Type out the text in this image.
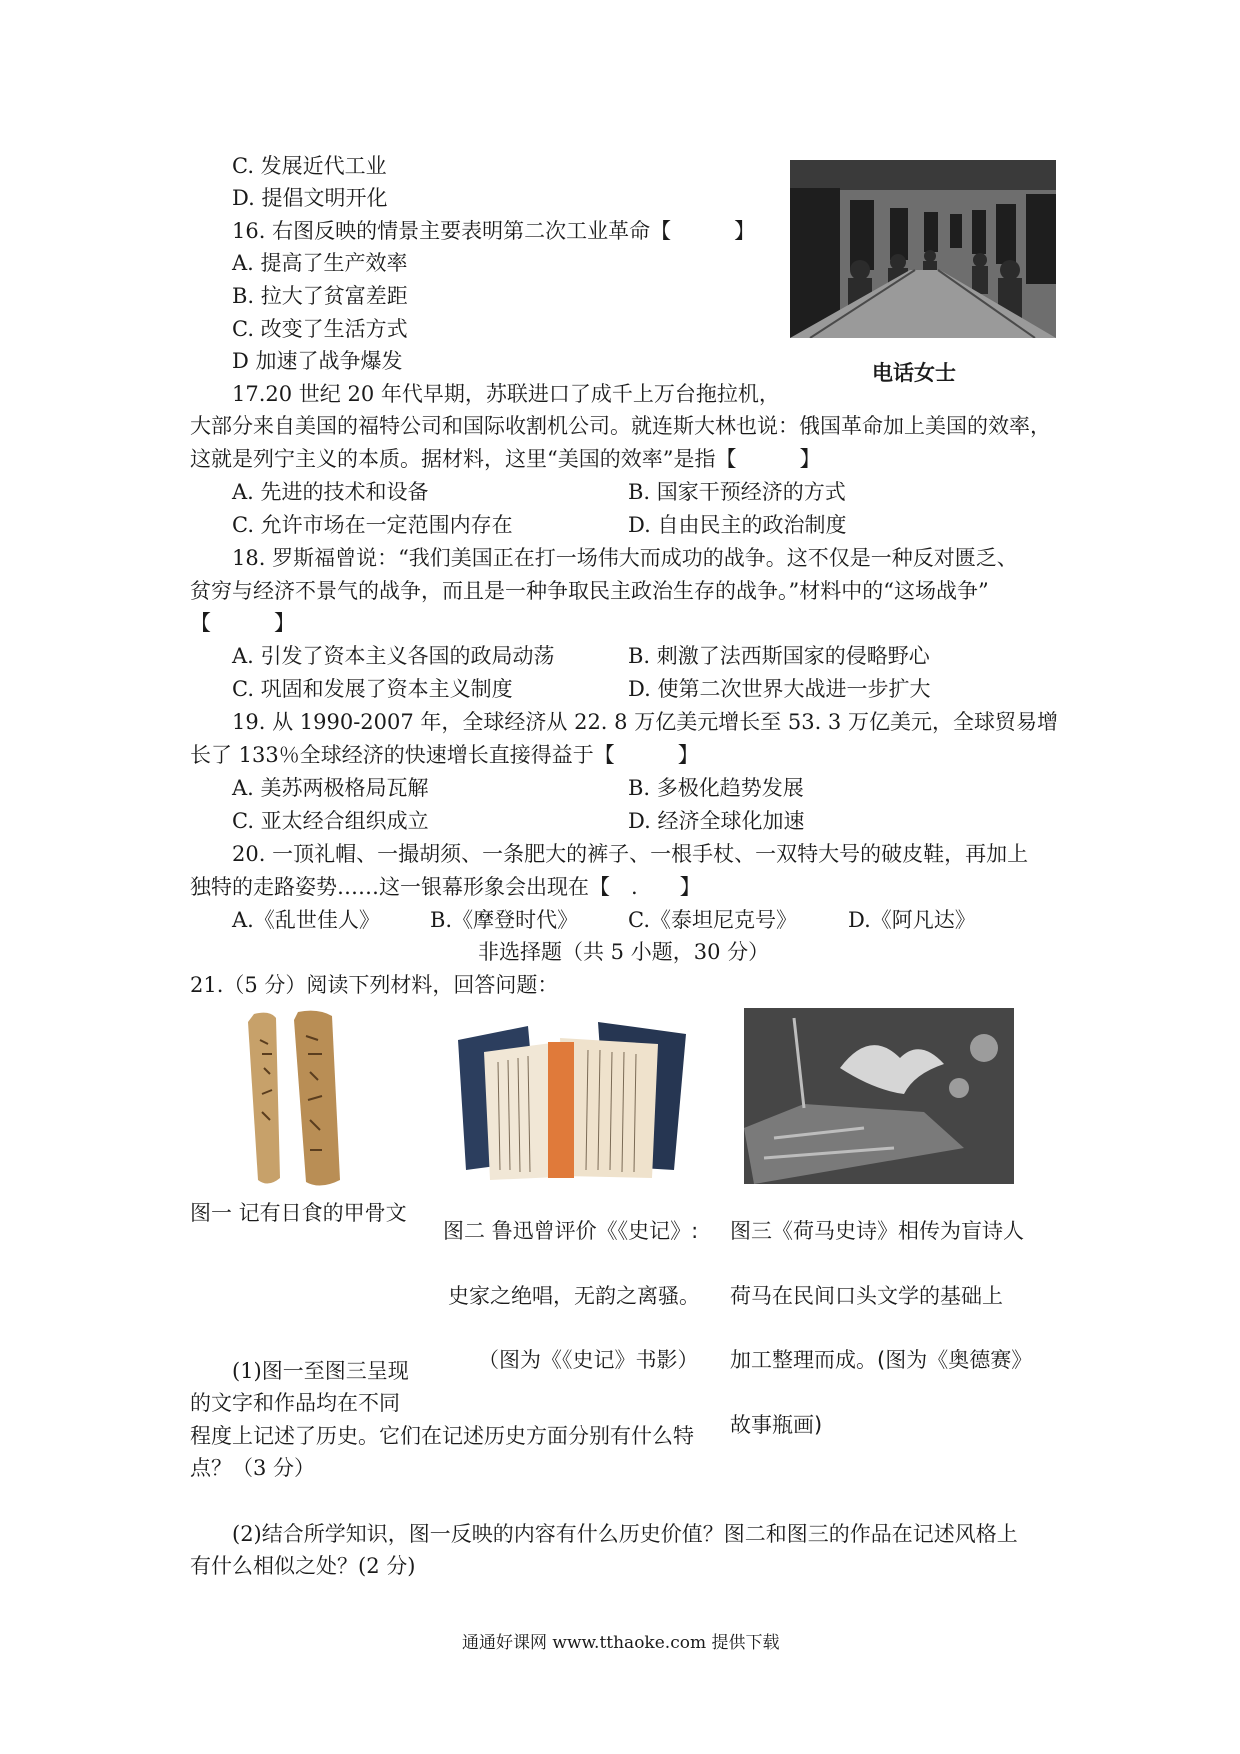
C. 发展近代工业
D. 提倡文明开化
16. 右图反映的情景主要表明第二次工业革命【　　　】
A. 提高了生产效率
B. 拉大了贫富差距
C. 改变了生活方式
D 加速了战争爆发	电话女士
17.20 世纪 20 年代早期，苏联进口了成千上万台拖拉机，
大部分来自美国的福特公司和国际收割机公司。就连斯大林也说：俄国革命加上美国的效率，
这就是列宁主义的本质。据材料，这里“美国的效率”是指【　　　】
A. 先进的技术和设备	B. 国家干预经济的方式
C. 允许市场在一定范围内存在	D. 自由民主的政治制度
18. 罗斯福曾说：“我们美国正在打一场伟大而成功的战争。这不仅是一种反对匮乏、
贫穷与经济不景气的战争，而且是一种争取民主政治生存的战争。”材料中的“这场战争”
【　　　】
A. 引发了资本主义各国的政局动荡	B. 刺激了法西斯国家的侵略野心
C. 巩固和发展了资本主义制度	D. 使第二次世界大战进一步扩大
19. 从 1990-2007 年，全球经济从 22. 8 万亿美元增长至 53. 3 万亿美元，全球贸易增
长了 133％全球经济的快速增长直接得益于【　　　】
A. 美苏两极格局瓦解	B. 多极化趋势发展
C. 亚太经合组织成立	D. 经济全球化加速
20. 一顶礼帽、一撮胡须、一条肥大的裤子、一根手杖、一双特大号的破皮鞋，再加上
独特的走路姿势……这一银幕形象会出现在【　.　　】
A.《乱世佳人》 B.《摩登时代》 C.《泰坦尼克号》 D.《阿凡达》
非选择题（共 5 小题，30 分）
21.（5 分）阅读下列材料，回答问题：
图一 记有日食的甲骨文
图二 鲁迅曾评价《《史记》:
史家之绝唱，无韵之离骚。
（图为《《史记》书影）
图三《荷马史诗》相传为盲诗人
荷马在民间口头文学的基础上
加工整理而成。(图为《奥德赛》
故事瓶画)
(1)图一至图三呈现
的文字和作品均在不同
程度上记述了历史。它们在记述历史方面分别有什么特
点？（3 分）
(2)结合所学知识，图一反映的内容有什么历史价值？图二和图三的作品在记述风格上
有什么相似之处？(2 分)
通通好课网 www.tthaoke.com 提供下载
